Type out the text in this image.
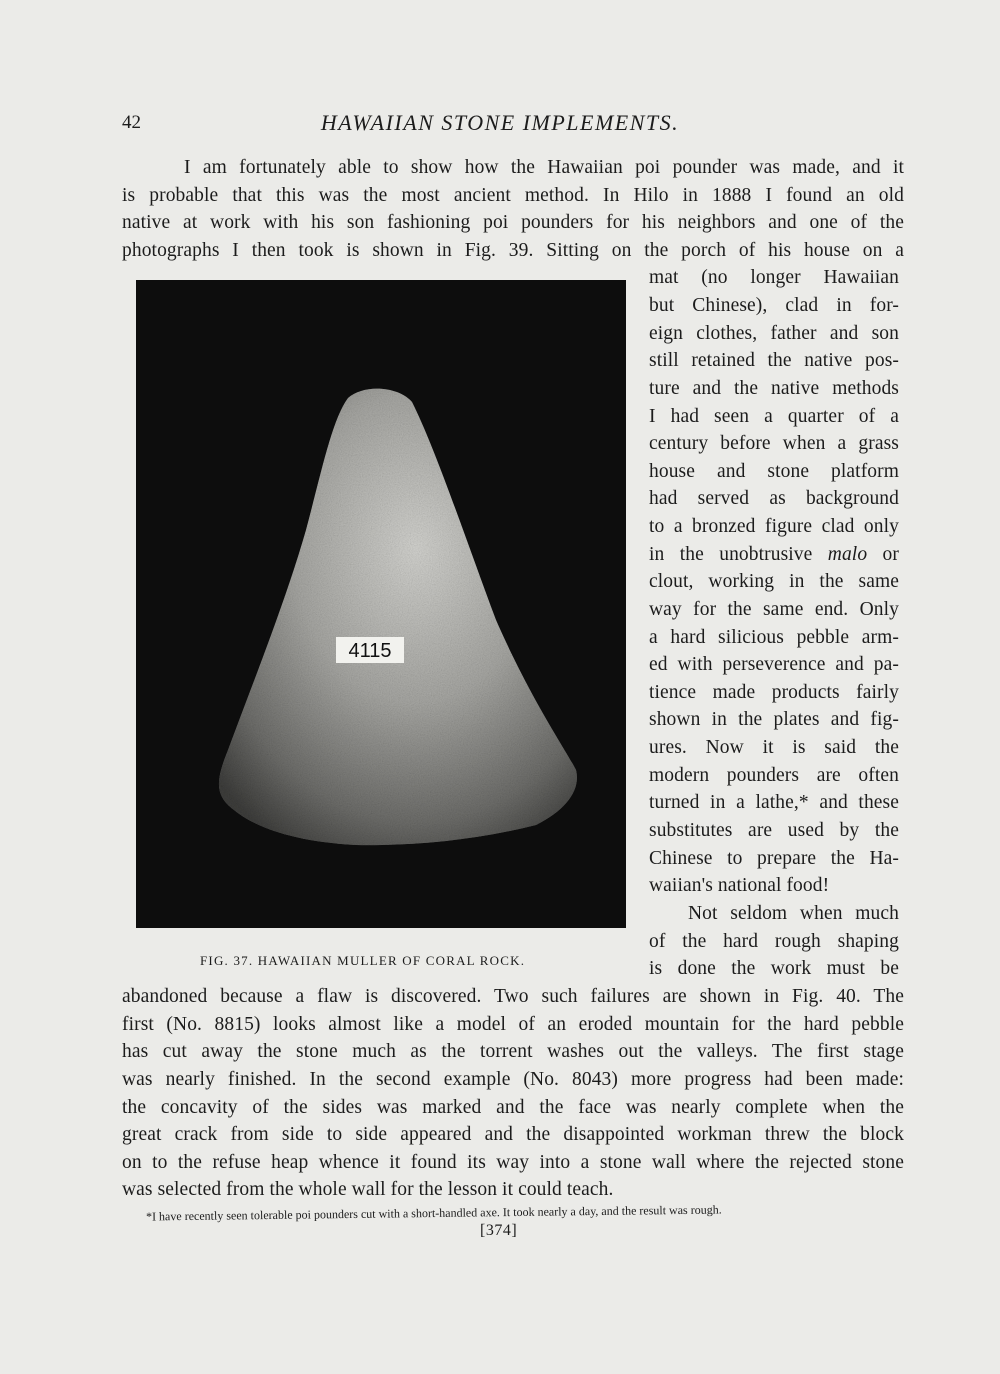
42	HAWAIIAN STONE IMPLEMENTS.
I am fortunately able to show how the Hawaiian poi pounder was made, and it
is probable that this was the most ancient method. In Hilo in 1888 I found an old
native at work with his son fashioning poi pounders for his neighbors and one of the
photographs I then took is shown in Fig. 39. Sitting on the porch of his house on a
4115
mat (no longer Hawaiian
but Chinese), clad in for-
eign clothes, father and son
still retained the native pos-
ture and the native methods
I had seen a quarter of a
century before when a grass
house and stone platform
had served as background
to a bronzed figure clad only
in the unobtrusive malo or
clout, working in the same
way for the same end. Only
a hard silicious pebble arm-
ed with perseverence and pa-
tience made products fairly
shown in the plates and fig-
ures. Now it is said the
modern pounders are often
turned in a lathe,* and these
substitutes are used by the
Chinese to prepare the Ha-
waiian's national food!
Not seldom when much
of the hard rough shaping
is done the work must be
FIG. 37. HAWAIIAN MULLER OF CORAL ROCK.
abandoned because a flaw is discovered. Two such failures are shown in Fig. 40. The
first (No. 8815) looks almost like a model of an eroded mountain for the hard pebble
has cut away the stone much as the torrent washes out the valleys. The first stage
was nearly finished. In the second example (No. 8043) more progress had been made:
the concavity of the sides was marked and the face was nearly complete when the
great crack from side to side appeared and the disappointed workman threw the block
on to the refuse heap whence it found its way into a stone wall where the rejected stone
was selected from the whole wall for the lesson it could teach.
*I have recently seen tolerable poi pounders cut with a short-handled axe. It took nearly a day, and the result was rough.
[374]
